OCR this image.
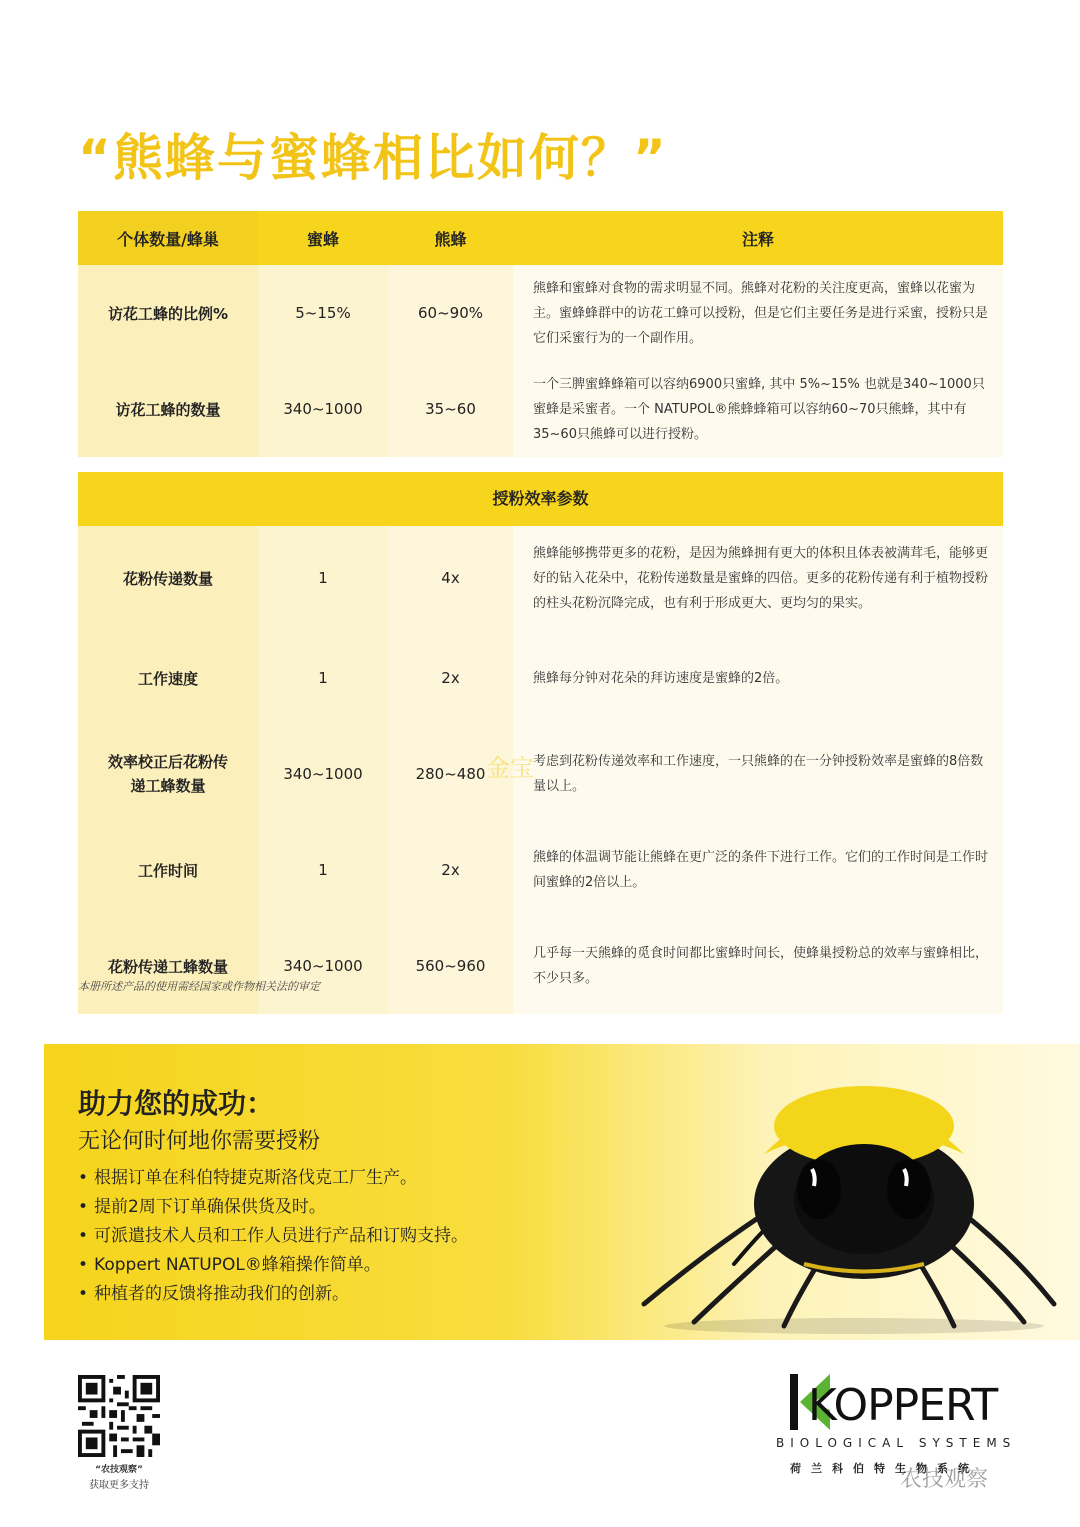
“熊蜂与蜜蜂相比如何？”
个体数量/蜂巢	蜜蜂	熊蜂	注释
访花工蜂的比例%	5~15%	60~90%	熊蜂和蜜蜂对食物的需求明显不同。熊蜂对花粉的关注度更高，蜜蜂以花蜜为主。蜜蜂蜂群中的访花工蜂可以授粉，但是它们主要任务是进行采蜜，授粉只是它们采蜜行为的一个副作用。
访花工蜂的数量	340~1000	35~60	一个三脾蜜蜂蜂箱可以容纳6900只蜜蜂, 其中 5%~15% 也就是340~1000只蜜蜂是采蜜者。一个 NATUPOL®熊蜂蜂箱可以容纳60~70只熊蜂，其中有35~60只熊蜂可以进行授粉。
授粉效率参数
花粉传递数量	1	4x	熊蜂能够携带更多的花粉，是因为熊蜂拥有更大的体积且体表被满茸毛，能够更好的钻入花朵中，花粉传递数量是蜜蜂的四倍。更多的花粉传递有利于植物授粉的柱头花粉沉降完成，也有利于形成更大、更均匀的果实。
工作速度	1	2x	熊蜂每分钟对花朵的拜访速度是蜜蜂的2倍。
效率校正后花粉传递工蜂数量	340~1000	280~480	考虑到花粉传递效率和工作速度，一只熊蜂的在一分钟授粉效率是蜜蜂的8倍数量以上。
工作时间	1	2x	熊蜂的体温调节能让熊蜂在更广泛的条件下进行工作。它们的工作时间是工作时间蜜蜂的2倍以上。
花粉传递工蜂数量	340~1000	560~960	几乎每一天熊蜂的觅食时间都比蜜蜂时间长，使蜂巢授粉总的效率与蜜蜂相比，不少只多。
金宝
本册所述产品的使用需经国家或作物相关法的审定
助力您的成功：
无论何时何地你需要授粉
• 根据订单在科伯特捷克斯洛伐克工厂生产。
• 提前2周下订单确保供货及时。
• 可派遣技术人员和工作人员进行产品和订购支持。
• Koppert NATUPOL®蜂箱操作简单。
• 种植者的反馈将推动我们的创新。
“农技观察”
获取更多支持
KOPPERT
BIOLOGICAL SYSTEMS
荷兰科伯特生物系统
农技观察
